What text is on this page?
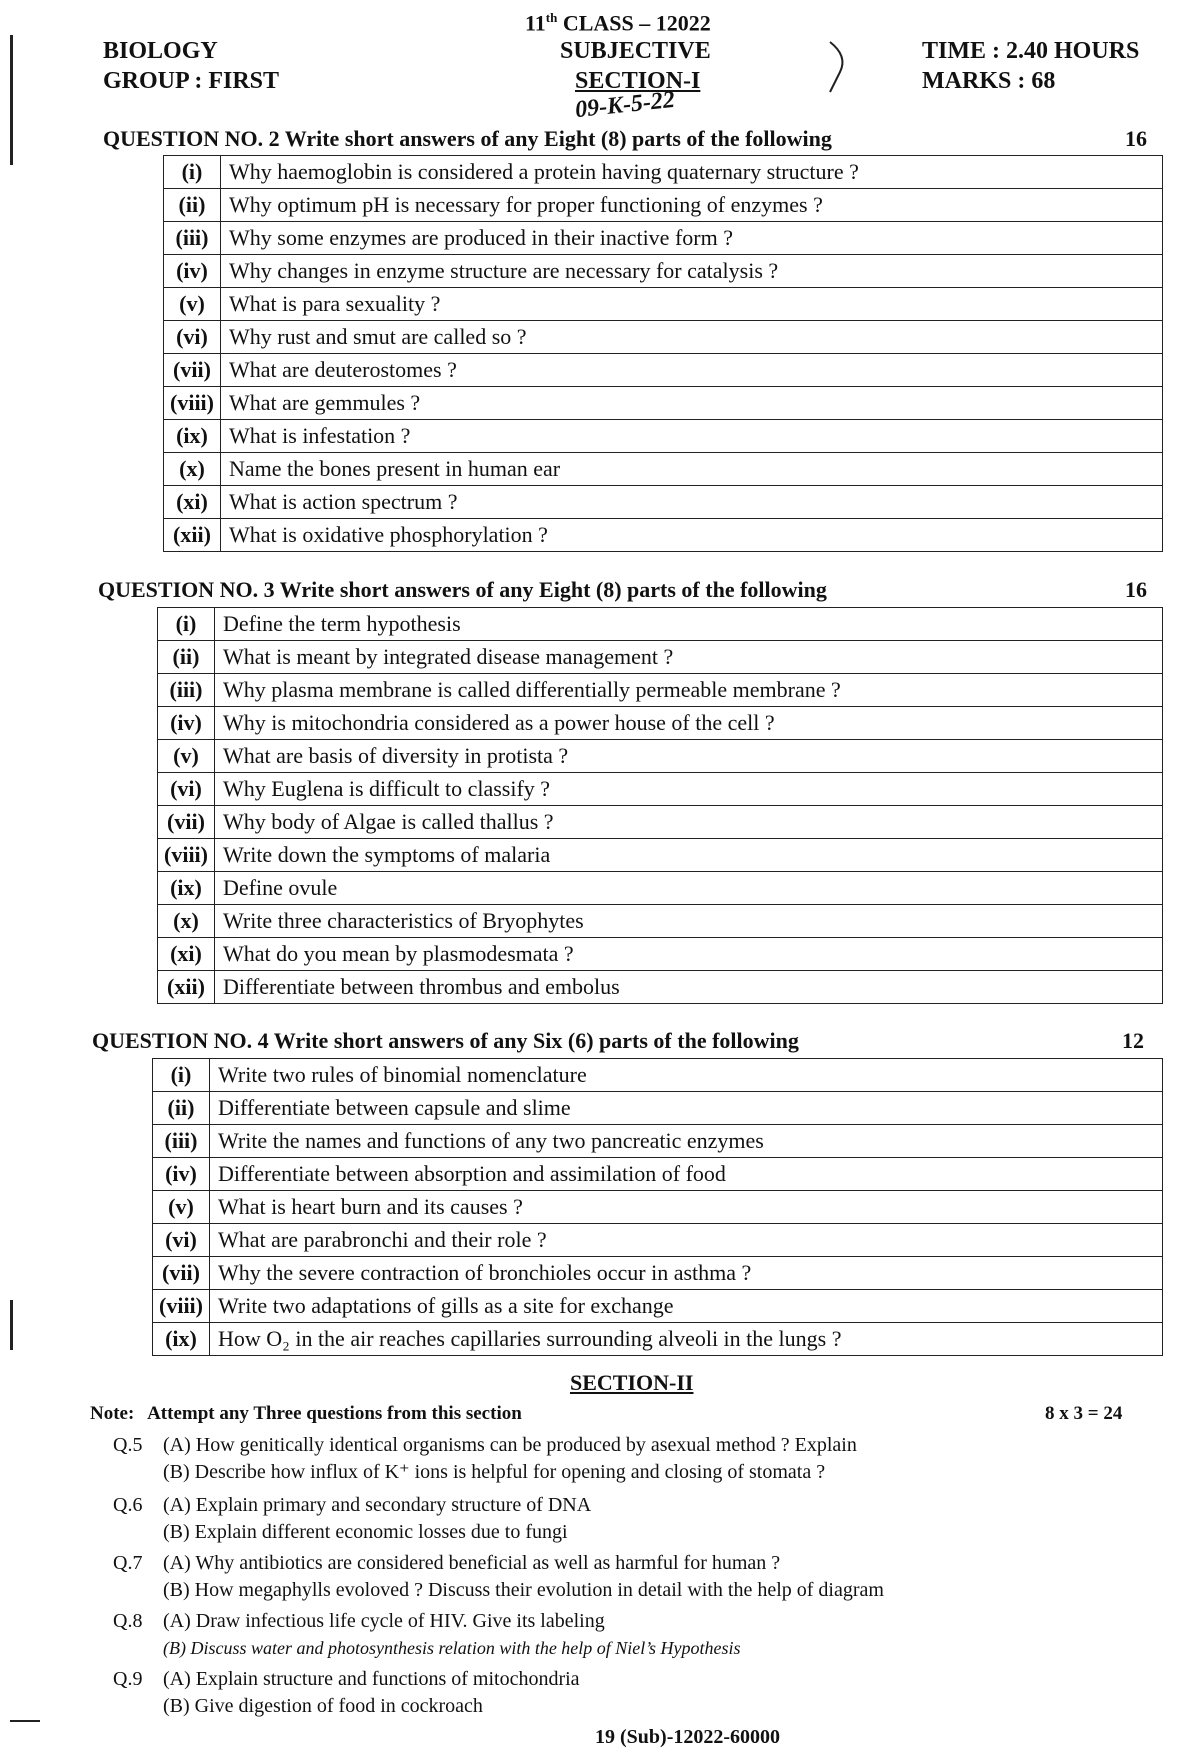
11th CLASS – 12022
BIOLOGY	SUBJECTIVE	TIME : 2.40 HOURS
GROUP : FIRST	SECTION-I	MARKS : 68
09-K-5-22
QUESTION NO. 2 Write short answers of any Eight (8) parts of the following	16
(i)	Why haemoglobin is considered a protein having quaternary structure ?
(ii)	Why optimum pH is necessary for proper functioning of enzymes ?
(iii)	Why some enzymes are produced in their inactive form ?
(iv)	Why changes in enzyme structure are necessary for catalysis ?
(v)	What is para sexuality ?
(vi)	Why rust and smut are called so ?
(vii)	What are deuterostomes ?
(viii)	What are gemmules ?
(ix)	What is infestation ?
(x)	Name the bones present in human ear
(xi)	What is action spectrum ?
(xii)	What is oxidative phosphorylation ?
QUESTION NO. 3 Write short answers of any Eight (8) parts of the following	16
(i)	Define the term hypothesis
(ii)	What is meant by integrated disease management ?
(iii)	Why plasma membrane is called differentially permeable membrane ?
(iv)	Why is mitochondria considered as a power house of the cell ?
(v)	What are basis of diversity in protista ?
(vi)	Why Euglena is difficult to classify ?
(vii)	Why body of Algae is called thallus ?
(viii)	Write down the symptoms of malaria
(ix)	Define ovule
(x)	Write three characteristics of Bryophytes
(xi)	What do you mean by plasmodesmata ?
(xii)	Differentiate between thrombus and embolus
QUESTION NO. 4 Write short answers of any Six (6) parts of the following	12
(i)	Write two rules of binomial nomenclature
(ii)	Differentiate between capsule and slime
(iii)	Write the names and functions of any two pancreatic enzymes
(iv)	Differentiate between absorption and assimilation of food
(v)	What is heart burn and its causes ?
(vi)	What are parabronchi and their role ?
(vii)	Why the severe contraction of bronchioles occur in asthma ?
(viii)	Write two adaptations of gills as a site for exchange
(ix)	How O₂ in the air reaches capillaries surrounding alveoli in the lungs ?
SECTION-II
Note: Attempt any Three questions from this section	8 x 3 = 24
Q.5 (A) How genitically identical organisms can be produced by asexual method ? Explain
(B) Describe how influx of K⁺ ions is helpful for opening and closing of stomata ?
Q.6 (A) Explain primary and secondary structure of DNA
(B) Explain different economic losses due to fungi
Q.7 (A) Why antibiotics are considered beneficial as well as harmful for human ?
(B) How megaphylls evoloved ? Discuss their evolution in detail with the help of diagram
Q.8 (A) Draw infectious life cycle of HIV. Give its labeling
(B) Discuss water and photosynthesis relation with the help of Niel’s Hypothesis
Q.9 (A) Explain structure and functions of mitochondria
(B) Give digestion of food in cockroach
19 (Sub)-12022-60000
